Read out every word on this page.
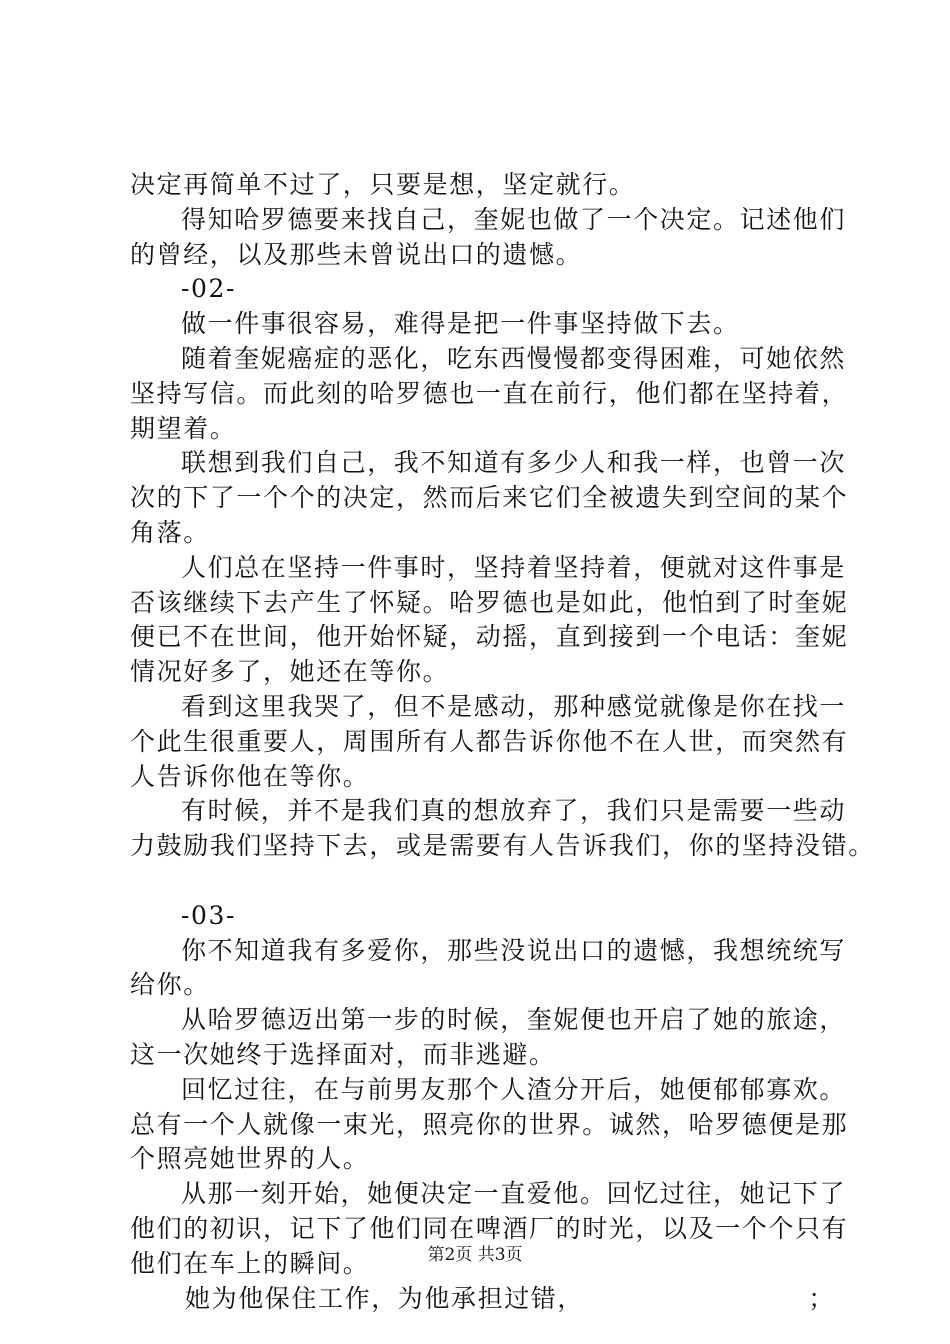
决定再简单不过了，只要是想，坚定就行。
得知哈罗德要来找自己，奎妮也做了一个决定。记述他们
的曾经，以及那些未曾说出口的遗憾。
-02-
做一件事很容易，难得是把一件事坚持做下去。
随着奎妮癌症的恶化，吃东西慢慢都变得困难，可她依然
坚持写信。而此刻的哈罗德也一直在前行，他们都在坚持着，
期望着。
联想到我们自己，我不知道有多少人和我一样，也曾一次
次的下了一个个的决定，然而后来它们全被遗失到空间的某个
角落。
人们总在坚持一件事时，坚持着坚持着，便就对这件事是
否该继续下去产生了怀疑。哈罗德也是如此，他怕到了时奎妮
便已不在世间，他开始怀疑，动摇，直到接到一个电话：奎妮
情况好多了，她还在等你。
看到这里我哭了，但不是感动，那种感觉就像是你在找一
个此生很重要人，周围所有人都告诉你他不在人世，而突然有
人告诉你他在等你。
有时候，并不是我们真的想放弃了，我们只是需要一些动
力鼓励我们坚持下去，或是需要有人告诉我们，你的坚持没错。
-03-
你不知道我有多爱你，那些没说出口的遗憾，我想统统写
给你。
从哈罗德迈出第一步的时候，奎妮便也开启了她的旅途，
这一次她终于选择面对，而非逃避。
回忆过往，在与前男友那个人渣分开后，她便郁郁寡欢。
总有一个人就像一束光，照亮你的世界。诚然，哈罗德便是那
个照亮她世界的人。
从那一刻开始，她便决定一直爱他。回忆过往，她记下了
他们的初识，记下了他们同在啤酒厂的时光，以及一个个只有
他们在车上的瞬间。
她为他保住工作，为他承担过错，	；
第2页 共3页
